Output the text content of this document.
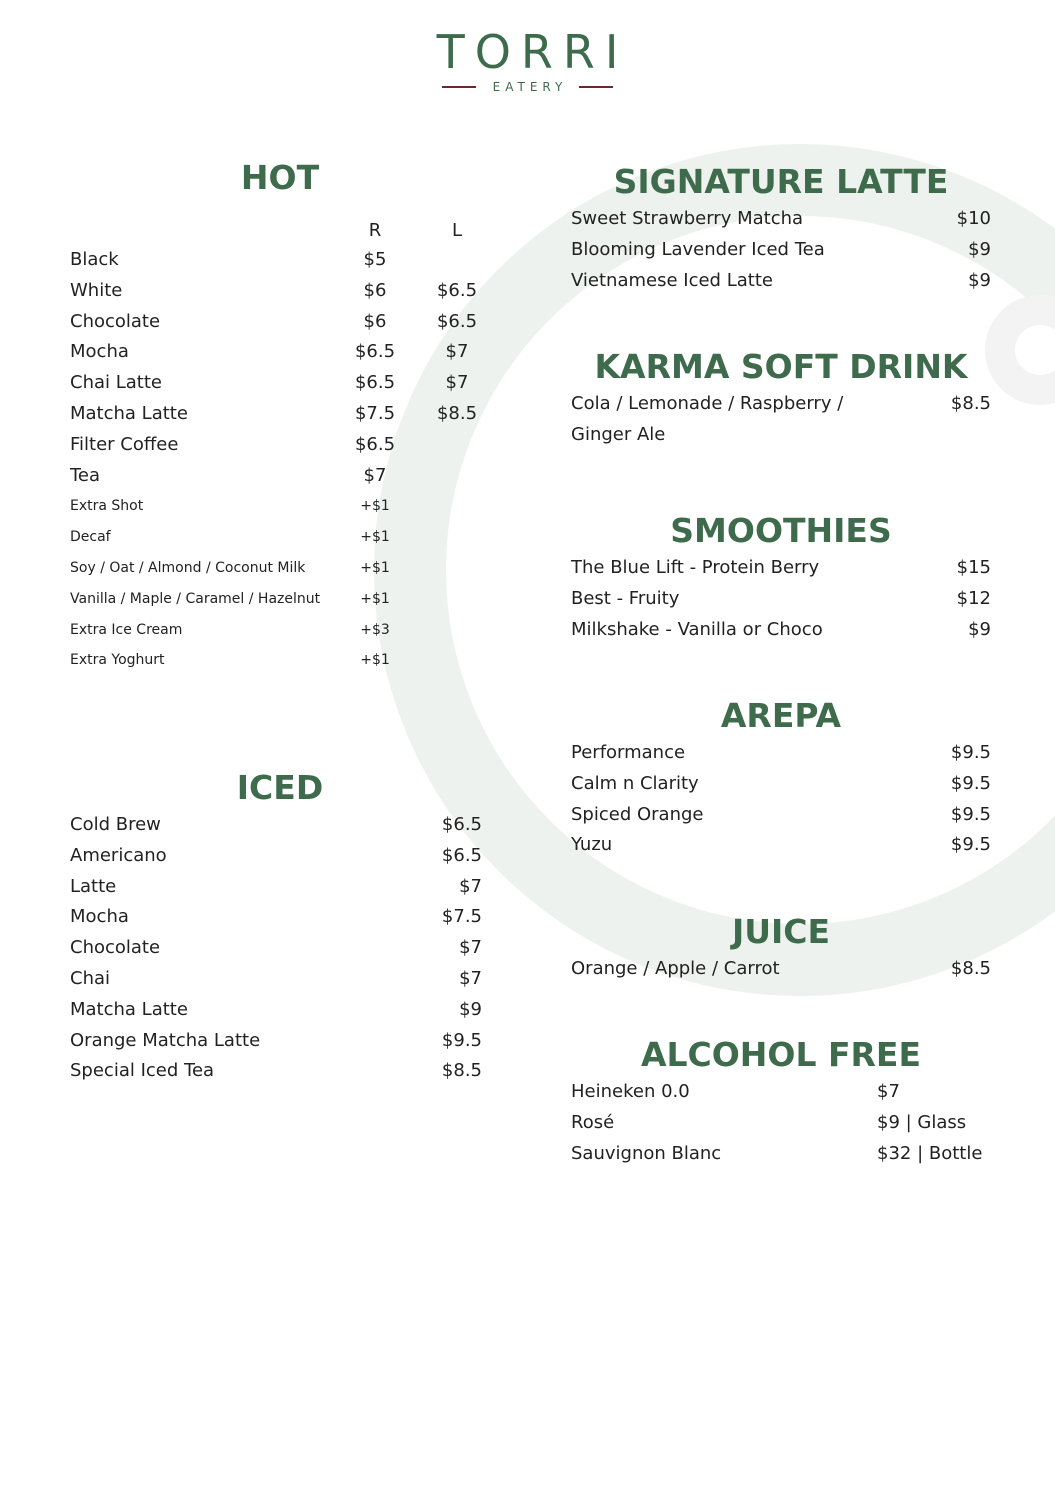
TORRI
EATERY
HOT
R	L
Black	$5
White	$6	$6.5
Chocolate	$6	$6.5
Mocha	$6.5	$7
Chai Latte	$6.5	$7
Matcha Latte	$7.5 $8.5
Filter Coffee	$6.5
Tea	$7
Extra Shot	+$1
Decaf	+$1
Soy / Oat / Almond / Coconut Milk	+$1
Vanilla / Maple / Caramel / Hazelnut	+$1
Extra Ice Cream	+$3
Extra Yoghurt	+$1
ICED
Cold Brew	$6.5
Americano	$6.5
Latte	$7
Mocha	$7.5
Chocolate	$7
Chai	$7
Matcha Latte	$9
Orange Matcha Latte	$9.5
Special Iced Tea	$8.5
SIGNATURE LATTE
Sweet Strawberry Matcha	$10
Blooming Lavender Iced Tea	$9
Vietnamese Iced Latte	$9
KARMA SOFT DRINK
Cola / Lemonade / Raspberry /	$8.5
Ginger Ale
SMOOTHIES
The Blue Lift - Protein Berry	$15
Best - Fruity	$12
Milkshake - Vanilla or Choco	$9
AREPA
Performance	$9.5
Calm n Clarity	$9.5
Spiced Orange	$9.5
Yuzu	$9.5
JUICE
Orange / Apple / Carrot	$8.5
ALCOHOL FREE
Heineken 0.0	$7
Rosé	$9 | Glass
Sauvignon Blanc	$32 | Bottle
